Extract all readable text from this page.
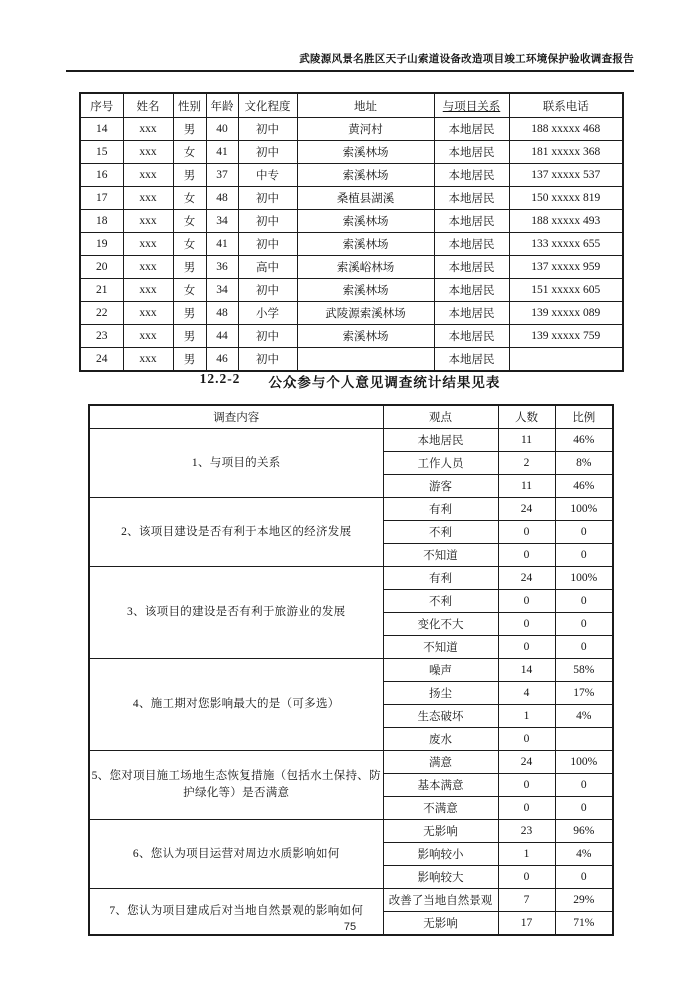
武陵源风景名胜区天子山索道设备改造项目竣工环境保护验收调查报告
序号	姓名	性别	年龄	文化程度	地址	与项目关系	联系电话
14	xxx	男	40	初中	黄河村	本地居民	188 xxxxx 468
15	xxx	女	41	初中	索溪林场	本地居民	181 xxxxx 368
16	xxx	男	37	中专	索溪林场	本地居民	137 xxxxx 537
17	xxx	女	48	初中	桑植县湖溪	本地居民	150 xxxxx 819
18	xxx	女	34	初中	索溪林场	本地居民	188 xxxxx 493
19	xxx	女	41	初中	索溪林场	本地居民	133 xxxxx 655
20	xxx	男	36	高中	索溪峪林场	本地居民	137 xxxxx 959
21	xxx	女	34	初中	索溪林场	本地居民	151 xxxxx 605
22	xxx	男	48	小学	武陵源索溪林场	本地居民	139 xxxxx 089
23	xxx	男	44	初中	索溪林场	本地居民	139 xxxxx 759
24	xxx	男	46	初中		本地居民	
12.2-2 公众参与个人意见调查统计结果见表
调查内容	观点	人数	比例
1、与项目的关系	本地居民	11	46%
	工作人员	2	8%
	游客	11	46%
2、该项目建设是否有利于本地区的经济发展	有利	24	100%
	不利	0	0
	不知道	0	0
3、该项目的建设是否有利于旅游业的发展	有利	24	100%
	不利	0	0
	变化不大	0	0
	不知道	0	0
4、施工期对您影响最大的是（可多选）	噪声	14	58%
	扬尘	4	17%
	生态破坏	1	4%
	废水	0	
5、您对项目施工场地生态恢复措施（包括水土保持、防护绿化等）是否满意	满意	24	100%
	基本满意	0	0
	不满意	0	0
6、您认为项目运营对周边水质影响如何	无影响	23	96%
	影响较小	1	4%
	影响较大	0	0
7、您认为项目建成后对当地自然景观的影响如何	改善了当地自然景观	7	29%
	无影响	17	71%
75
